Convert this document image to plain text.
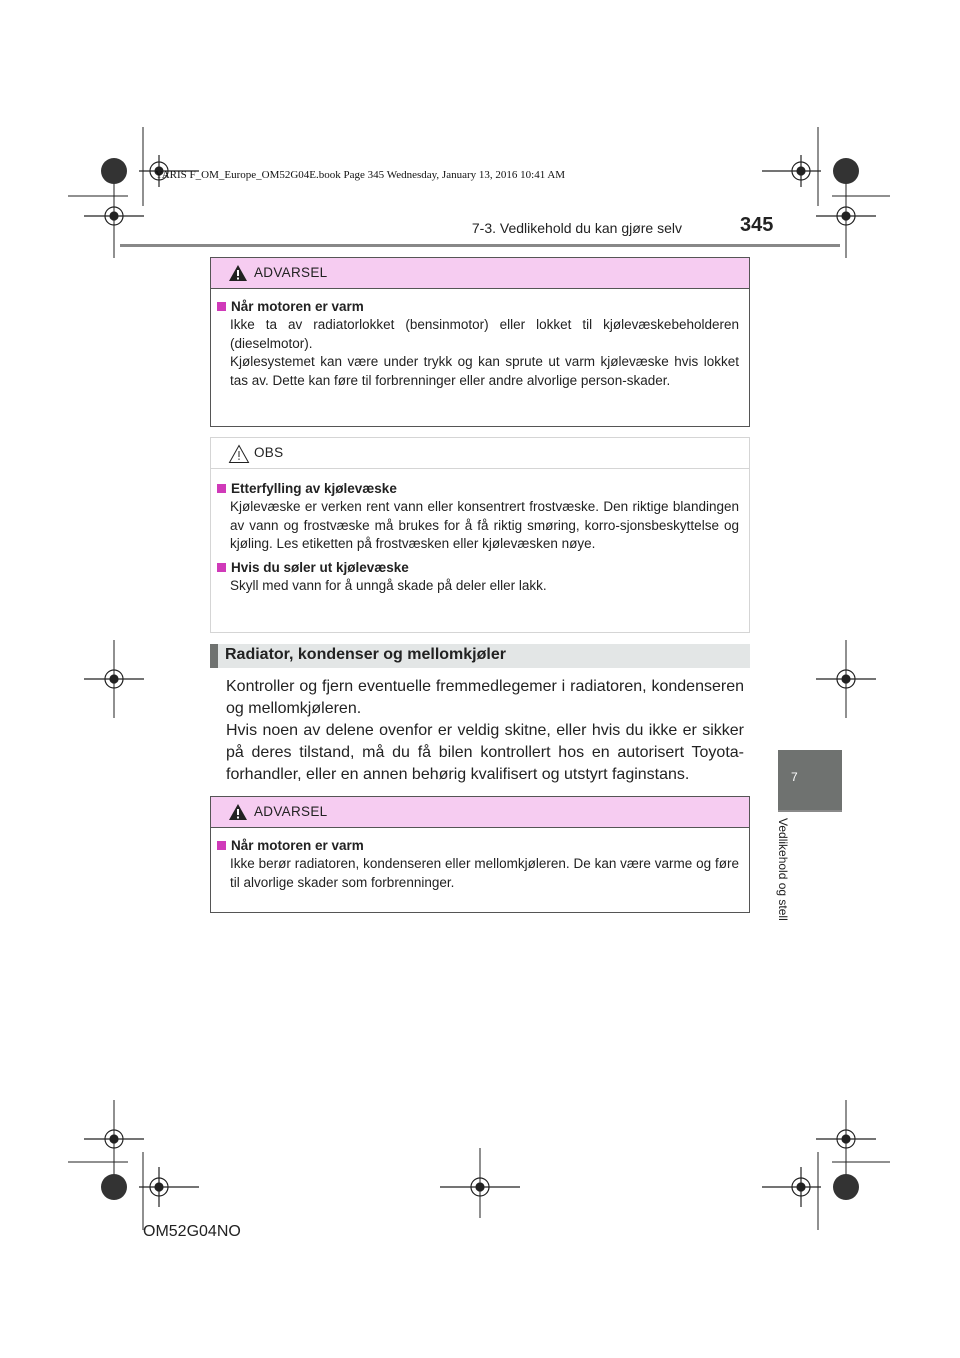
YARIS F_OM_Europe_OM52G04E.book Page 345 Wednesday, January 13, 2016 10:41 AM
7-3. Vedlikehold du kan gjøre selv	345
7
Vedlikehold og stell
ADVARSEL
Når motoren er varm

Ikke ta av radiatorlokket (bensinmotor) eller lokket til kjølevæskebeholderen (dieselmotor).

Kjølesystemet kan være under trykk og kan sprute ut varm kjølevæske hvis lokket tas av. Dette kan føre til forbrenninger eller andre alvorlige person-skader.

OBS
Etterfylling av kjølevæske
Kjølevæske er verken rent vann eller konsentrert frostvæske. Den riktige blandingen av vann og frostvæske må brukes for å få riktig smøring, korro-sjonsbeskyttelse og kjøling. Les etiketten på frostvæsken eller kjølevæsken nøye.
Hvis du søler ut kjølevæske
Skyll med vann for å unngå skade på deler eller lakk.
Radiator, kondenser og mellomkjøler

Kontroller og fjern eventuelle fremmedlegemer i radiatoren, kondenseren og mellomkjøleren.

Hvis noen av delene ovenfor er veldig skitne, eller hvis du ikke er sikker på deres tilstand, må du få bilen kontrollert hos en autorisert Toyota-forhandler, eller en annen behørig kvalifisert og utstyrt faginstans.

ADVARSEL
Når motoren er varm
Ikke berør radiatoren, kondenseren eller mellomkjøleren. De kan være varme og føre til alvorlige skader som forbrenninger.
OM52G04NO
